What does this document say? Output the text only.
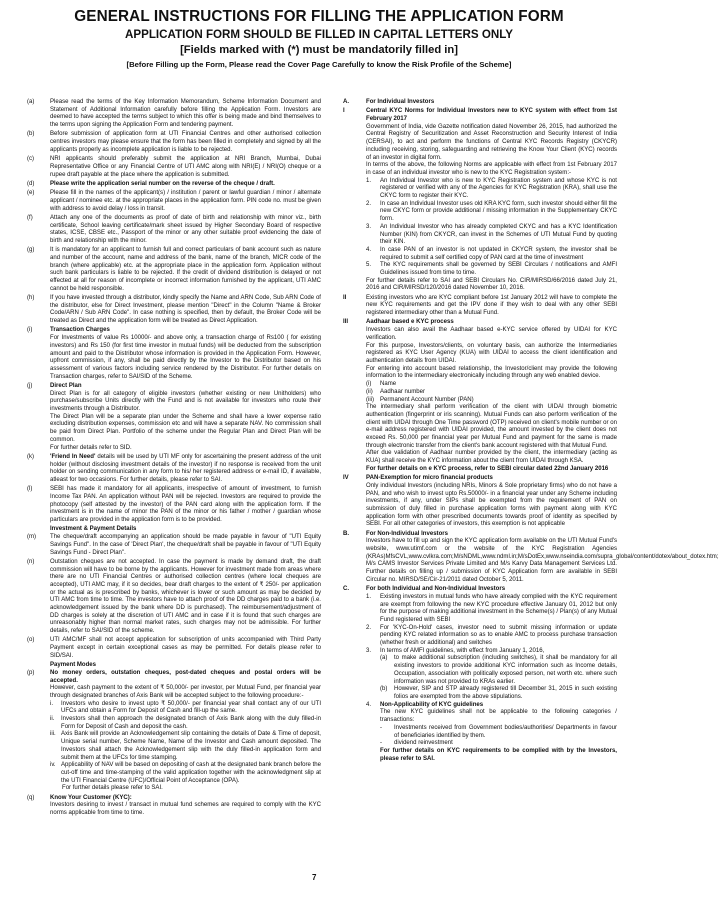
GENERAL INSTRUCTIONS FOR FILLING THE APPLICATION FORM
APPLICATION FORM SHOULD BE FILLED IN CAPITAL LETTERS ONLY
[Fields marked with (*) must be mandatorily filled in]
[Before Filling up the Form, Please read the Cover Page Carefully to know the Risk Profile of the Scheme]
(a)	Please read the terms of the Key Information Memorandum, Scheme Information Document and Statement of Additional Information carefully before filling the Application Form. Investors are deemed to have accepted the terms subject to which this offer is being made and bind themselves to the terms upon signing the Application Form and tendering payment.

(b)	Before submission of application form at UTI Financial Centres and other authorised collection centres investors may please ensure that the form has been filled in completely and signed by all the applicants properly as incomplete application is liable to be rejected.

(c)	NRI applicants should preferably submit the application at NRI Branch, Mumbai, Dubai Representative Office or any Financial Centre of UTI AMC along with NRI(E) / NRI(O) cheque or a rupee draft payable at the place where the application is submitted.

(d)	Please write the application serial number on the reverse of the cheque / draft.

(e)	Please fill in the names of the applicant(s) / institution / parent or lawful guardian / minor / alternate applicant / nominee etc. at the appropriate places in the application form. PIN code no. must be given with address to avoid delay / loss in transit.

(f)	Attach any one of the documents as proof of date of birth and relationship with minor viz., birth certificate, School leaving certificate/mark sheet issued by Higher Secondary Board of respective states, ICSE, CBSE etc., Passport of the minor or any other suitable proof evidencing the date of birth and relationship with the minor.

(g)	It is mandatory for an applicant to furnish full and correct particulars of bank account such as nature and number of the account, name and address of the bank, name of the branch, MICR code of the branch (where applicable) etc. at the appropriate place in the application form. Application without such bank particulars is liable to be rejected. If the credit of dividend distribution is delayed or not effected at all for reason of incomplete or incorrect information furnished by the applicant, UTI AMC cannot be held responsible.

(h)	If you have invested through a distributor, kindly specify the Name and ARN Code, Sub ARN Code of the distributor, else for Direct Investment, please mention "Direct" in the Column "Name & Broker Code/ARN / Sub ARN Code". In case nothing is specified, then by default, the Broker Code will be treated as Direct and the application form will be treated as Direct Application.

(i)	Transaction Charges

For Investments of value Rs 10000/- and above only, a transaction charge of Rs100 ( for existing investors) and Rs 150 (for first time investor in mutual funds) will be deducted from the subscription amount and paid to the Distributor whose information is provided in the Application Form. However, upfront commission, if any, shall be paid directly by the Investor to the Distributor based on his assessment of various factors including service rendered by the Distributor. For further details on Transaction charges, refer to SAI/SID of the Scheme.

(j)	Direct Plan

Direct Plan is for all category of eligible investors (whether existing or new Unitholders) who purchase/subscribe Units directly with the Fund and is not available for investors who route their investments through a Distributor.

The Direct Plan will be a separate plan under the Scheme and shall have a lower expense ratio excluding distribution expenses, commission etc and will have a separate NAV. No commission shall be paid from Direct Plan. Portfolio of the scheme under the Regular Plan and Direct Plan will be common.

For further details refer to SID.

(k)	'Friend In Need' details will be used by UTI MF only for ascertaining the present address of the unit holder (without disclosing investment details of the investor) if no response is received from the unit holder on sending communication in any form to his/ her registered address or e-mail ID, if available, atleast for two occasions. For further details, please refer to SAI.

(l)	SEBI has made it mandatory for all applicants, irrespective of amount of investment, to furnish Income Tax PAN. An application without PAN will be rejected. Investors are required to provide the photocopy (self attested by the investor) of the PAN card along with the application form. If the investment is in the name of minor the PAN of the minor or his father / mother / guardian whose particulars are provided in the application form is to be provided.

Investment & Payment Details

(m) The cheque/draft accompanying an application should be made payable in favour of "UTI Equity Savings Fund". In the case of 'Direct Plan', the cheque/draft shall be payable in favour of "UTI Equity Savings Fund - Direct Plan".

(n)	Outstation cheques are not accepted. In case the payment is made by demand draft, the draft commission will have to be borne by the applicants. However for investment made from areas where there are no UTI Financial Centres or authorised collection centres (where local cheques are accepted), UTI AMC may, if it so decides, bear draft charges to the extent of ₹ 250/- per application or the actual as is prescribed by banks, whichever is lower or such amount as may be decided by UTI AMC from time to time. The investors have to attach proof of the DD charges paid to a bank (i.e. acknowledgement issued by the bank where DD is purchased). The reimbursement/adjustment of DD charges is solely at the discretion of UTI AMC and in case if it is found that such charges are unreasonably higher than normal market rates, such charges may not be admissible. For further details, refer to SAI/SID of the scheme.

(o)	UTI AMC/MF shall not accept application for subscription of units accompanied with Third Party Payment except in certain exceptional cases as may be permitted. For details please refer to SID/SAI.

Payment Modes

(p)	No money orders, outstation cheques, post-dated cheques and postal orders will be accepted.

However, cash payment to the extent of ₹ 50,000/- per investor, per Mutual Fund, per financial year through designated branches of Axis Bank will be accepted subject to the following procedure:-

i. Investors who desire to invest upto ₹ 50,000/- per financial year shall contact any of our UTI UFCs and obtain a Form for Deposit of Cash and fill-up the same.

ii. Investors shall then approach the designated branch of Axis Bank along with the duly filled-in Form for Deposit of Cash and deposit the cash.

iii. Axis Bank will provide an Acknowledgement slip containing the details of Date & Time of deposit, Unique serial number, Scheme Name, Name of the Investor and Cash amount deposited. The Investors shall attach the Acknowledgement slip with the duly filled-in application form and submit them at the UFCs for time stamping.

iv. Applicability of NAV will be based on depositing of cash at the designated bank branch before the cut-off time and time-stamping of the valid application together with the acknowledgment slip at the UTI Financial Centre (UFC)/Official Point of Acceptance (OPA).

For further details please refer to SAI.

(q)	Know Your Customer (KYC):

Investors desiring to invest / transact in mutual fund schemes are required to comply with the KYC norms applicable from time to time.

A.	For Individual Investors

I	Central KYC Norms for Individual Investors new to KYC system with effect from 1st February 2017

Government of India, vide Gazette notification dated November 26, 2015, had authorized the Central Registry of Securitization and Asset Reconstruction and Security Interest of India (CERSAI), to act and perform the functions of Central KYC Records Registry (CKYCR) including receiving, storing, safeguarding and retrieving the Know Your Client (KYC) records of an investor in digital form.

In terms of the above, the following Norms are applicable with effect from 1st February 2017 in case of an individual investor who is new to the KYC Registration system:-

1. An Individual Investor who is new to KYC Registration system and whose KYC is not registered or verified with any of the Agencies for KYC Registration (KRA), shall use the CKYC form to register their KYC.

2. In case an Individual Investor uses old KRA KYC form, such investor should either fill the new CKYC form or provide additional / missing information in the Supplementary CKYC form.

3. An Individual Investor who has already completed CKYC and has a KYC Identification Number (KIN) from CKYCR, can invest in the Schemes of UTI Mutual Fund by quoting their KIN.

4. In case PAN of an investor is not updated in CKYCR system, the investor shall be required to submit a self certified copy of PAN card at the time of investment

5. The KYC requirements shall be governed by SEBI Circulars / notifications and AMFI Guidelines issued from time to time.

For further details refer to SAI and SEBI Circulars No. CIR/MIRSD/66/2016 dated July 21, 2016 and CIR/MIRSD/120/2016 dated November 10, 2016.

II	Existing investors who are KYC compliant before 1st January 2012 will have to complete the new KYC requirements and get the IPV done if they wish to deal with any other SEBI registered intermediary other than a Mutual Fund.

III	Aadhaar based e KYC process

Investors can also avail the Aadhaar based e-KYC service offered by UIDAI for KYC verification.

For this purpose, Investors/clients, on voluntary basis, can authorize the Intermediaries registered as KYC User Agency (KUA) with UIDAI to access the client identification and authentication details from UIDAI.

For entering into account based relationship, the Investor/client may provide the following information to the intermediary electronically including through any web enabled device.

(i) Name

(ii) Aadhaar number

(iii) Permanent Account Number (PAN)

The intermediary shall perform verification of the client with UIDAI through biometric authentication (fingerprint or iris scanning). Mutual Funds can also perform verification of the client with UIDAI through One Time password (OTP) received on client's mobile number or on e-mail address registered with UIDAI provided, the amount invested by the client does not exceed Rs. 50,000 per financial year per Mutual Fund and payment for the same is made through electronic transfer from the client's bank account registered with that Mutual Fund.

After due validation of Aadhaar number provided by the client, the intermediary (acting as KUA) shall receive the KYC information about the client from UIDAI through KSA.

For further details on e KYC process, refer to SEBI circular dated 22nd January 2016

IV	PAN-Exemption for micro financial products

Only individual Investors (including NRIs, Minors & Sole proprietary firms) who do not have a PAN, and who wish to invest upto Rs.50000/- in a financial year under any Scheme including investments, if any, under SIPs shall be exempted from the requirement of PAN on submission of duly filled in purchase application forms with payment along with KYC application form with other prescribed documents towards proof of identity as specified by SEBI. For all other categories of investors, this exemption is not applicable

B.	For Non-Individual Investors

Investors have to fill up and sign the KYC application form available on the UTI Mutual Fund's website, www.utimf.com or the website of the KYC Registration Agencies (KRAs)MfsCVL,www.cvlkra.com;M/sNDML,www.ndml.in;M/sDotEx,www.nseindia.com/supra_global/content/dotex/about_dotex.htm; M/s CAMS Investor Services Private Limited and M/s Karvy Data Management Services Ltd. Further details on filling up / submission of KYC Application form are available in SEBI Circular no. MIRSD/SE/Cir-21/2011 dated October 5, 2011.

C.	For both Individual and Non-Individual Investors

1. Existing investors in mutual funds who have already complied with the KYC requirement are exempt from following the new KYC procedure effective January 01, 2012 but only for the purpose of making additional investment in the Scheme(s) / Plan(s) of any Mutual Fund registered with SEBI

2. For 'KYC-On-Hold' cases, investor need to submit missing information or update pending KYC related information so as to enable AMC to process purchase transaction (whether fresh or additional) and switches

3. In terms of AMFI guidelines, with effect from January 1, 2016,

(a) to make additional subscription (including switches), it shall be mandatory for all existing investors to provide additional KYC information such as Income details, Occupation, association with politically exposed person, net worth etc. where such information was not provided to KRAs earlier.

(b) However, SIP and STP already registered till December 31, 2015 in such existing folios are exempted from the above stipulations.

4. Non-Applicability of KYC guidelines

The new KYC guidelines shall not be applicable to the following categories / transactions:

- Investments received from Government bodies/authorities/ Departments in favour of beneficiaries identified by them.

- dividend reinvestment

For further details on KYC requirements to be complied with by the Investors, please refer to SAI.

7
